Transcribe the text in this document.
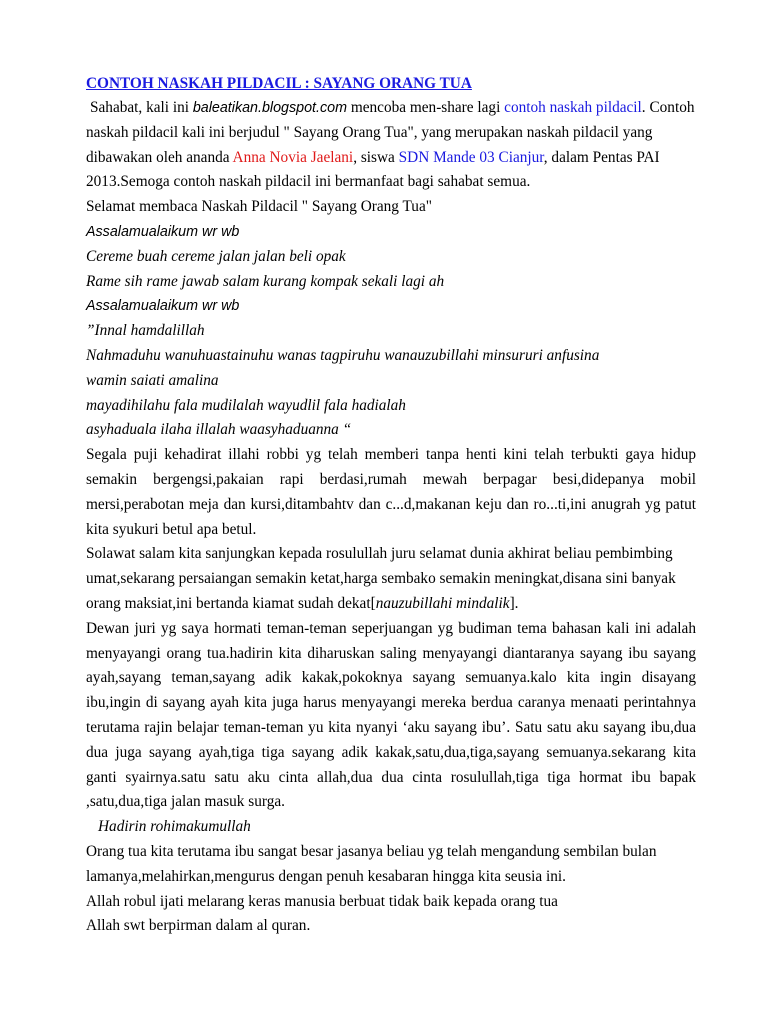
CONTOH NASKAH PILDACIL : SAYANG ORANG TUA

Sahabat, kali ini baleatikan.blogspot.com mencoba men-share lagi contoh naskah pildacil. Contoh naskah pildacil kali ini berjudul " Sayang Orang Tua", yang merupakan naskah pildacil yang dibawakan oleh ananda Anna Novia Jaelani, siswa SDN Mande 03 Cianjur, dalam Pentas PAI 2013.Semoga contoh naskah pildacil ini bermanfaat bagi sahabat semua.

Selamat membaca Naskah Pildacil " Sayang Orang Tua"

Assalamualaikum wr wb

Cereme buah cereme jalan jalan beli opak

Rame sih rame jawab salam kurang kompak sekali lagi ah

Assalamualaikum wr wb

”Innal hamdalillah

Nahmaduhu wanuhuastainuhu wanas tagpiruhu wanauzubillahi minsururi anfusina

wamin saiati amalina

mayadihilahu fala mudilalah wayudlil fala hadialah

asyhaduala ilaha illalah waasyhaduanna “

Segala puji kehadirat illahi robbi yg telah memberi tanpa henti kini telah terbukti gaya hidup semakin bergengsi,pakaian rapi berdasi,rumah mewah berpagar besi,didepanya mobil mersi,perabotan meja dan kursi,ditambahtv dan c...d,makanan keju dan ro...ti,ini anugrah yg patut kita syukuri betul apa betul.

Solawat salam kita sanjungkan kepada rosulullah juru selamat dunia akhirat beliau pembimbing umat,sekarang persaiangan semakin ketat,harga sembako semakin meningkat,disana sini banyak orang maksiat,ini bertanda kiamat sudah dekat[nauzubillahi mindalik].

Dewan juri yg saya hormati teman-teman seperjuangan yg budiman tema bahasan kali ini adalah menyayangi orang tua.hadirin kita diharuskan saling menyayangi diantaranya sayang ibu sayang ayah,sayang teman,sayang adik kakak,pokoknya sayang semuanya.kalo kita ingin disayang ibu,ingin di sayang ayah kita juga harus menyayangi mereka berdua caranya menaati perintahnya terutama rajin belajar teman-teman yu kita nyanyi ‘aku sayang ibu’. Satu satu aku sayang ibu,dua dua juga sayang ayah,tiga tiga sayang adik kakak,satu,dua,tiga,sayang semuanya.sekarang kita ganti syairnya.satu satu aku cinta allah,dua dua cinta rosulullah,tiga tiga hormat ibu bapak ,satu,dua,tiga jalan masuk surga.

Hadirin rohimakumullah

Orang tua kita terutama ibu sangat besar jasanya beliau yg telah mengandung sembilan bulan lamanya,melahirkan,mengurus dengan penuh kesabaran hingga kita seusia ini.

Allah robul ijati melarang keras manusia berbuat tidak baik kepada orang tua

Allah swt berpirman dalam al quran.
